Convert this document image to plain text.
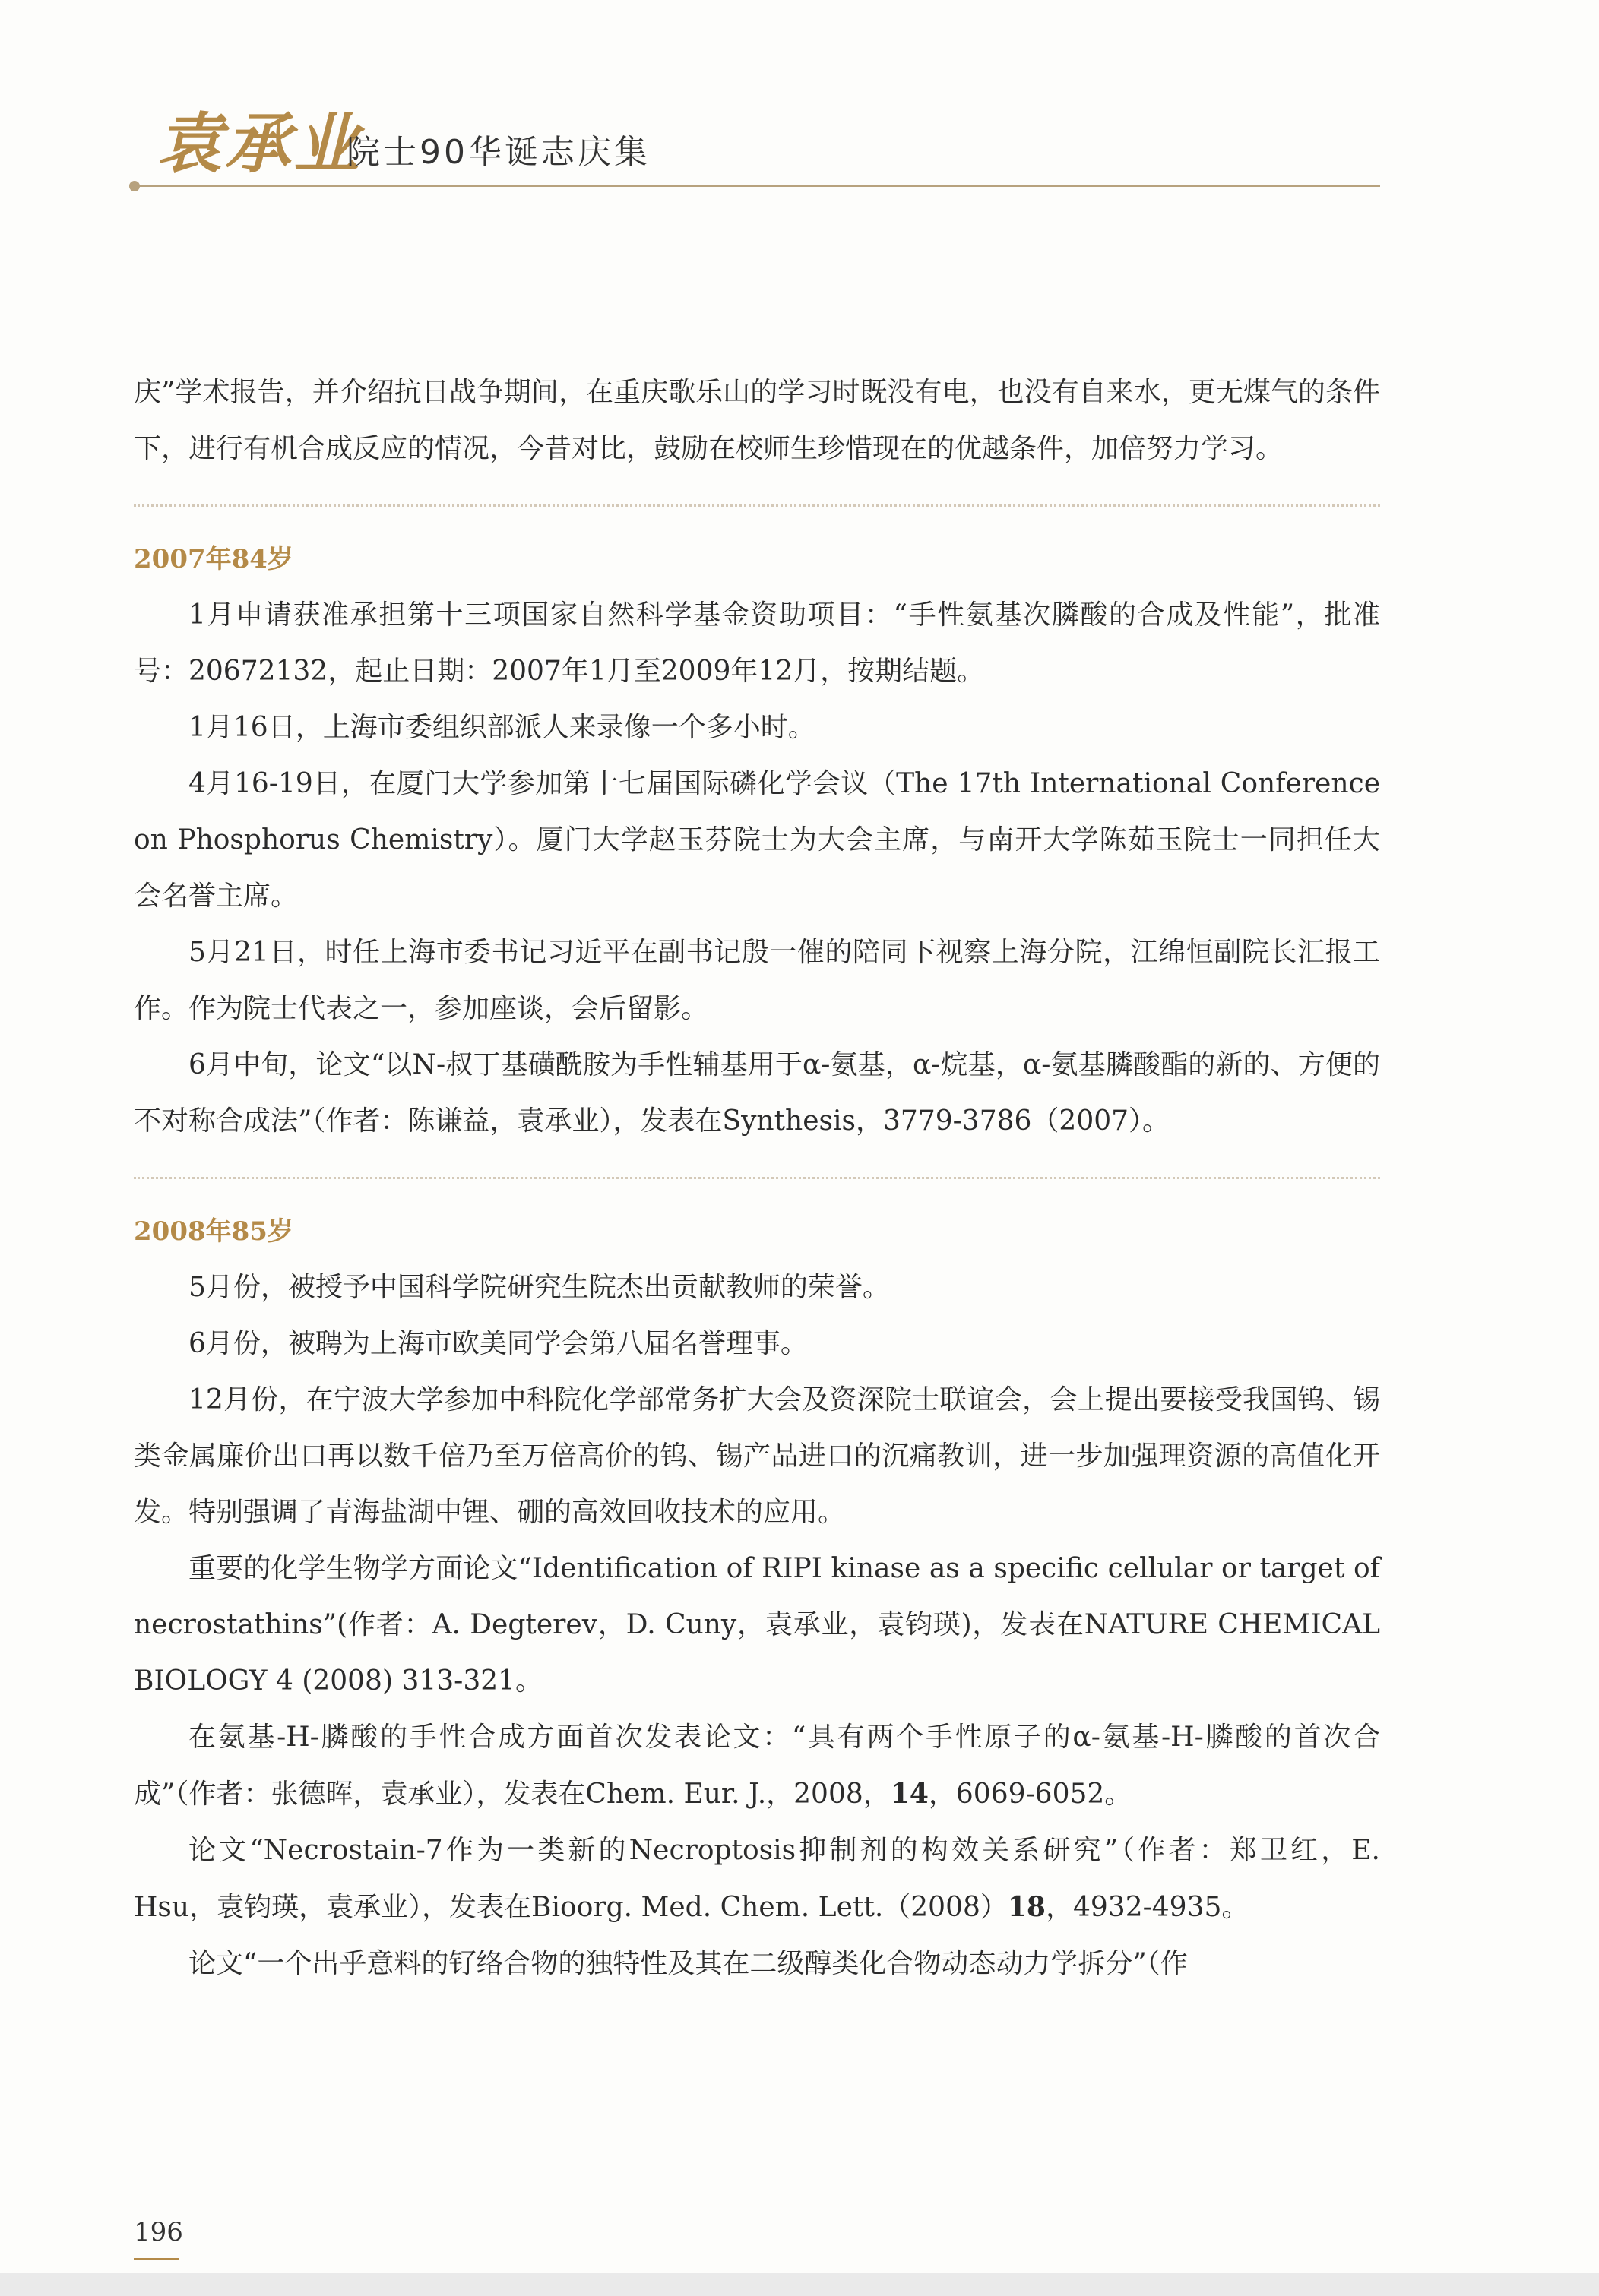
袁承业
院士90华诞志庆集

庆”学术报告，并介绍抗日战争期间，在重庆歌乐山的学习时既没有电，也没有自来水，更无煤气的条件下，进行有机合成反应的情况，今昔对比，鼓励在校师生珍惜现在的优越条件，加倍努力学习。

2007年84岁

1月申请获准承担第十三项国家自然科学基金资助项目：“手性氨基次膦酸的合成及性能”，批准号：20672132，起止日期：2007年1月至2009年12月，按期结题。

1月16日，上海市委组织部派人来录像一个多小时。

4月16-19日，在厦门大学参加第十七届国际磷化学会议（The 17th International Conference on Phosphorus Chemistry）。厦门大学赵玉芬院士为大会主席，与南开大学陈茹玉院士一同担任大会名誉主席。

5月21日，时任上海市委书记习近平在副书记殷一催的陪同下视察上海分院，江绵恒副院长汇报工作。作为院士代表之一，参加座谈，会后留影。

6月中旬，论文“以N-叔丁基磺酰胺为手性辅基用于α-氨基，α-烷基，α-氨基膦酸酯的新的、方便的不对称合成法”（作者：陈谦益，袁承业），发表在Synthesis，3779-3786（2007）。

2008年85岁

5月份，被授予中国科学院研究生院杰出贡献教师的荣誉。

6月份，被聘为上海市欧美同学会第八届名誉理事。

12月份，在宁波大学参加中科院化学部常务扩大会及资深院士联谊会，会上提出要接受我国钨、锡类金属廉价出口再以数千倍乃至万倍高价的钨、锡产品进口的沉痛教训，进一步加强理资源的高值化开发。特别强调了青海盐湖中锂、硼的高效回收技术的应用。

重要的化学生物学方面论文“Identification of RIPI kinase as a specific cellular or target of necrostathins”(作者：A. Degterev，D. Cuny，袁承业，袁钧瑛)，发表在NATURE CHEMICAL BIOLOGY 4 (2008) 313-321。

在氨基-H-膦酸的手性合成方面首次发表论文：“具有两个手性原子的α-氨基-H-膦酸的首次合成”（作者：张德晖，袁承业），发表在Chem. Eur. J.，2008，14，6069-6052。

论文“Necrostain-7作为一类新的Necroptosis抑制剂的构效关系研究”（作者：郑卫红，E. Hsu，袁钧瑛，袁承业），发表在Bioorg. Med. Chem. Lett.（2008）18，4932-4935。

论文“一个出乎意料的钌络合物的独特性及其在二级醇类化合物动态动力学拆分”（作

196
